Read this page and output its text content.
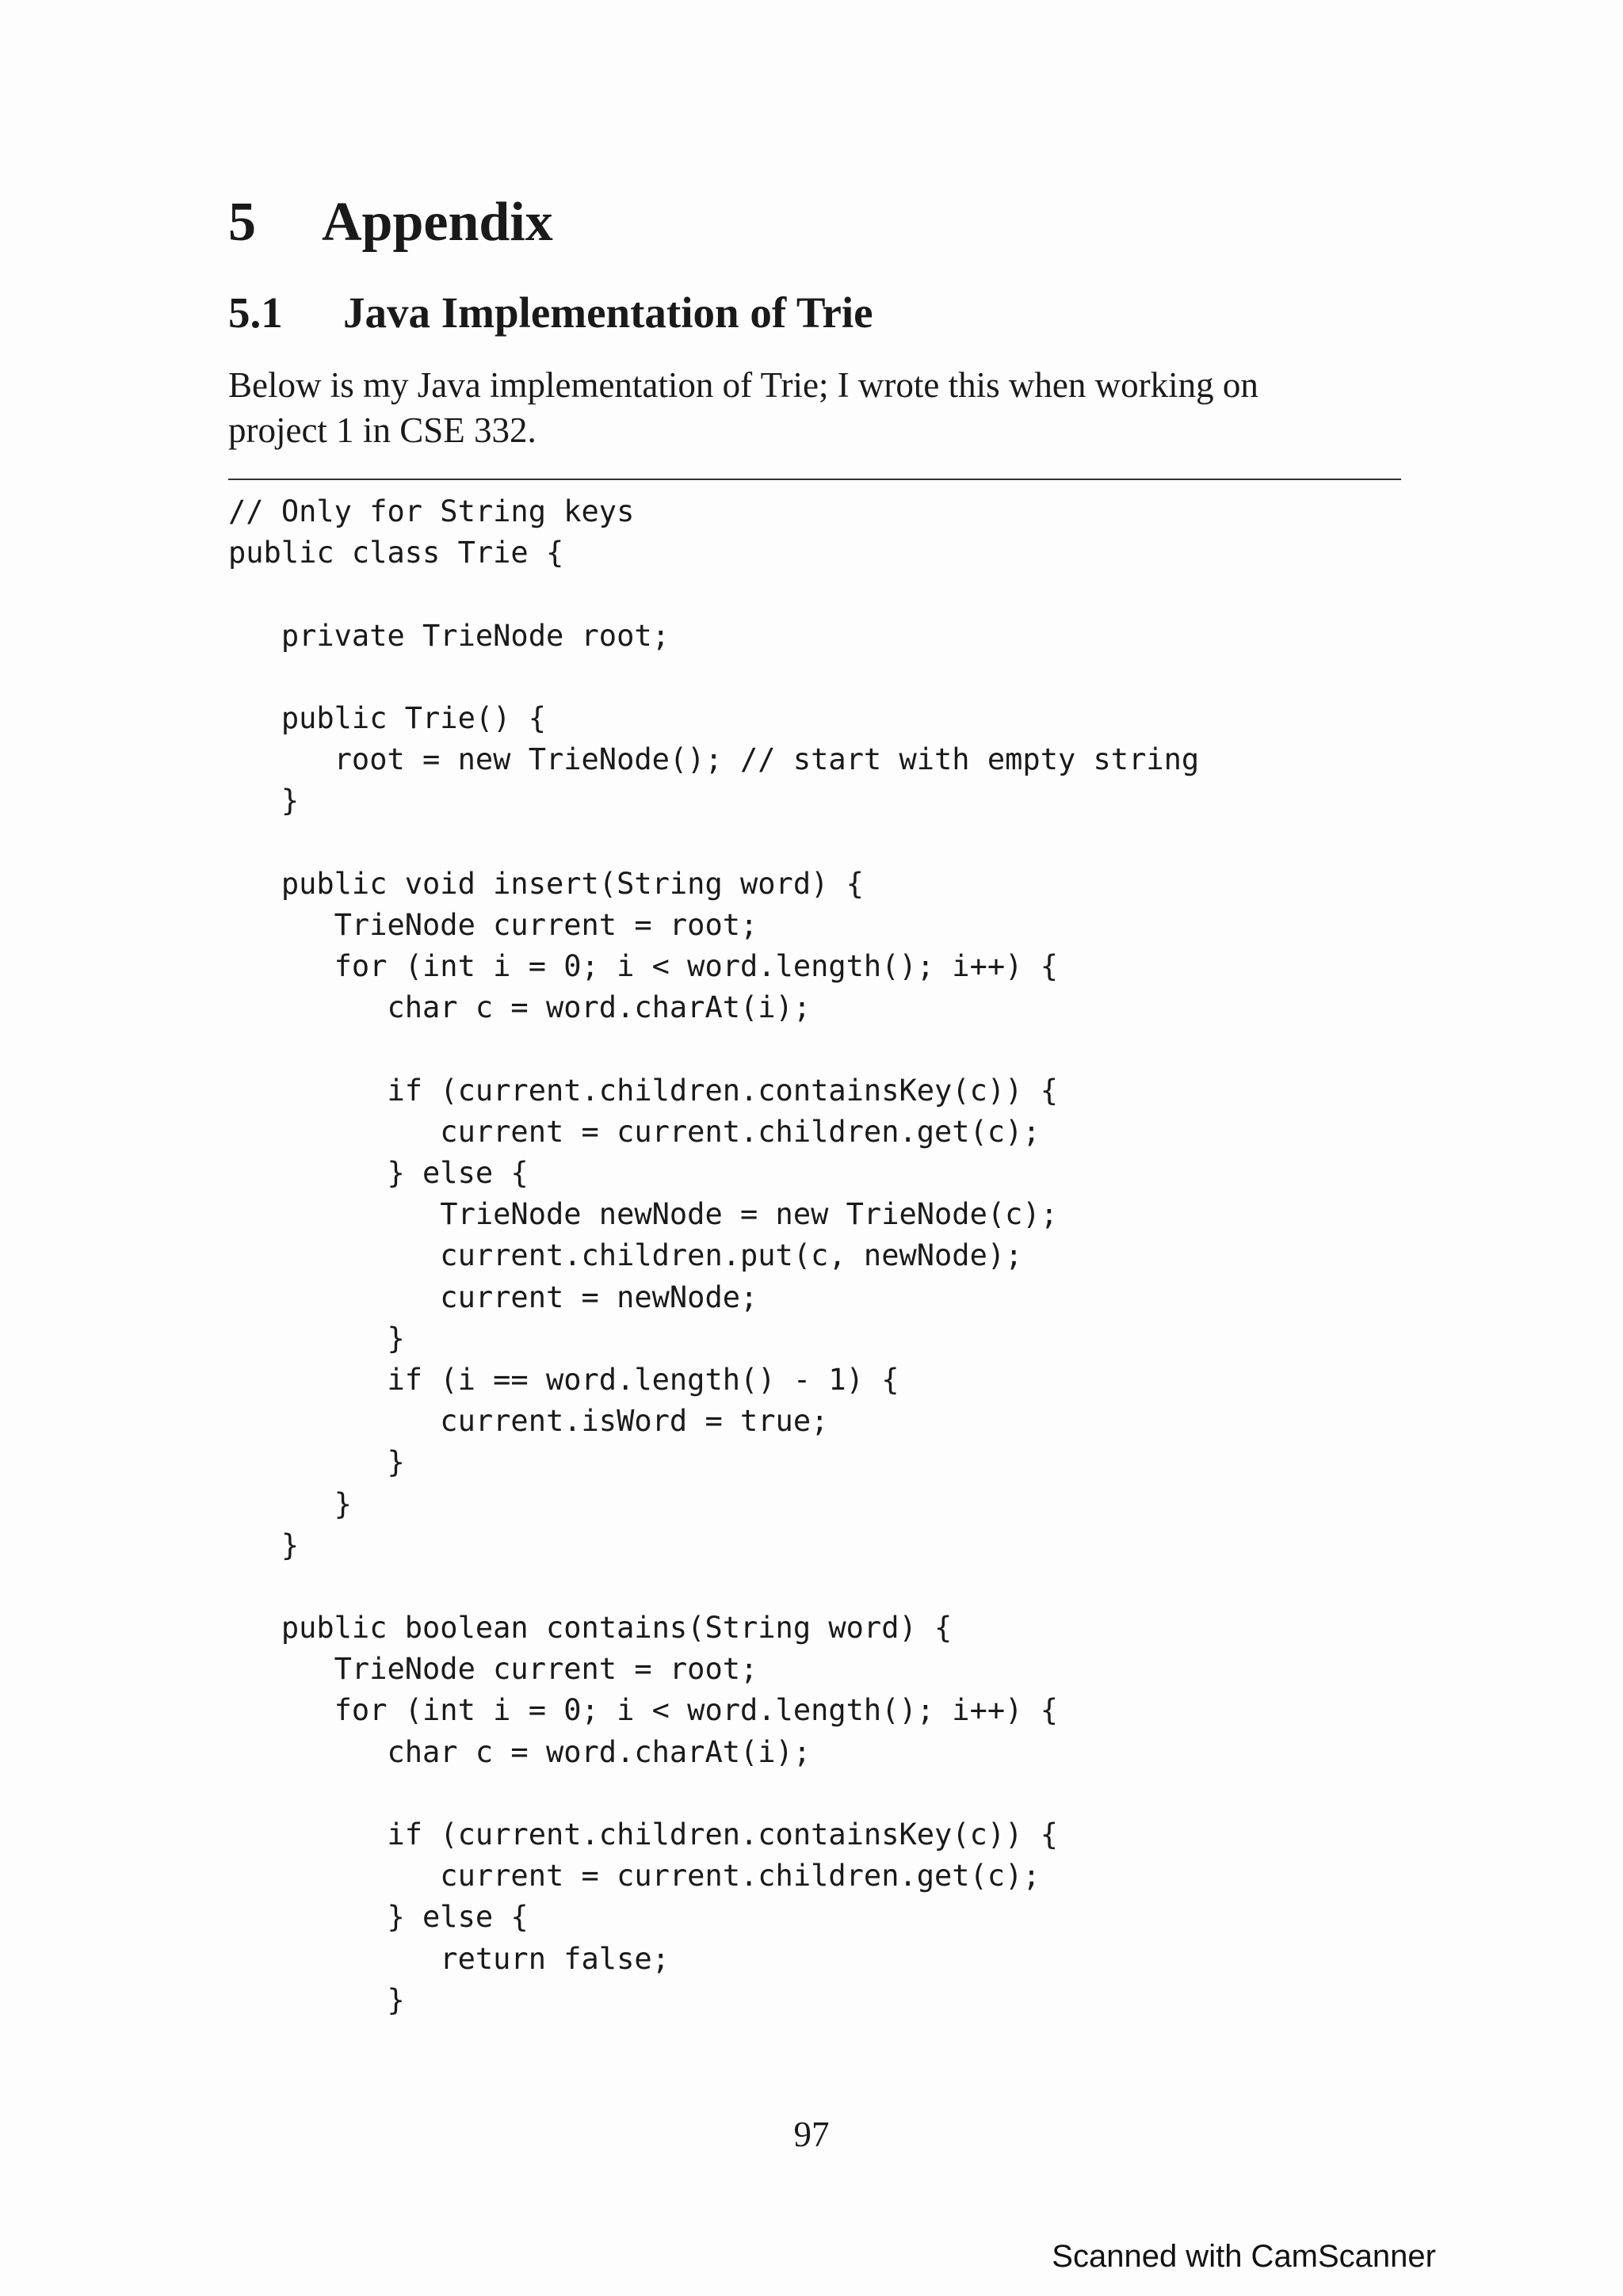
5 Appendix
5.1 Java Implementation of Trie
Below is my Java implementation of Trie; I wrote this when working on
project 1 in CSE 332.
// Only for String keys
public class Trie {
private TrieNode root;
public Trie() {
root = new TrieNode(); // start with empty string
}
public void insert(String word) {
TrieNode current = root;
for (int i = 0; i < word.length(); i++) {
char c = word.charAt(i);
if (current.children.containsKey(c)) {
current = current.children.get(c);
} else {
TrieNode newNode = new TrieNode(c);
current.children.put(c, newNode);
current = newNode;
}
if (i == word.length() - 1) {
current.isWord = true;
}
}
}
public boolean contains(String word) {
TrieNode current = root;
for (int i = 0; i < word.length(); i++) {
char c = word.charAt(i);
if (current.children.containsKey(c)) {
current = current.children.get(c);
} else {
return false;
}
97
Scanned with CamScanner
